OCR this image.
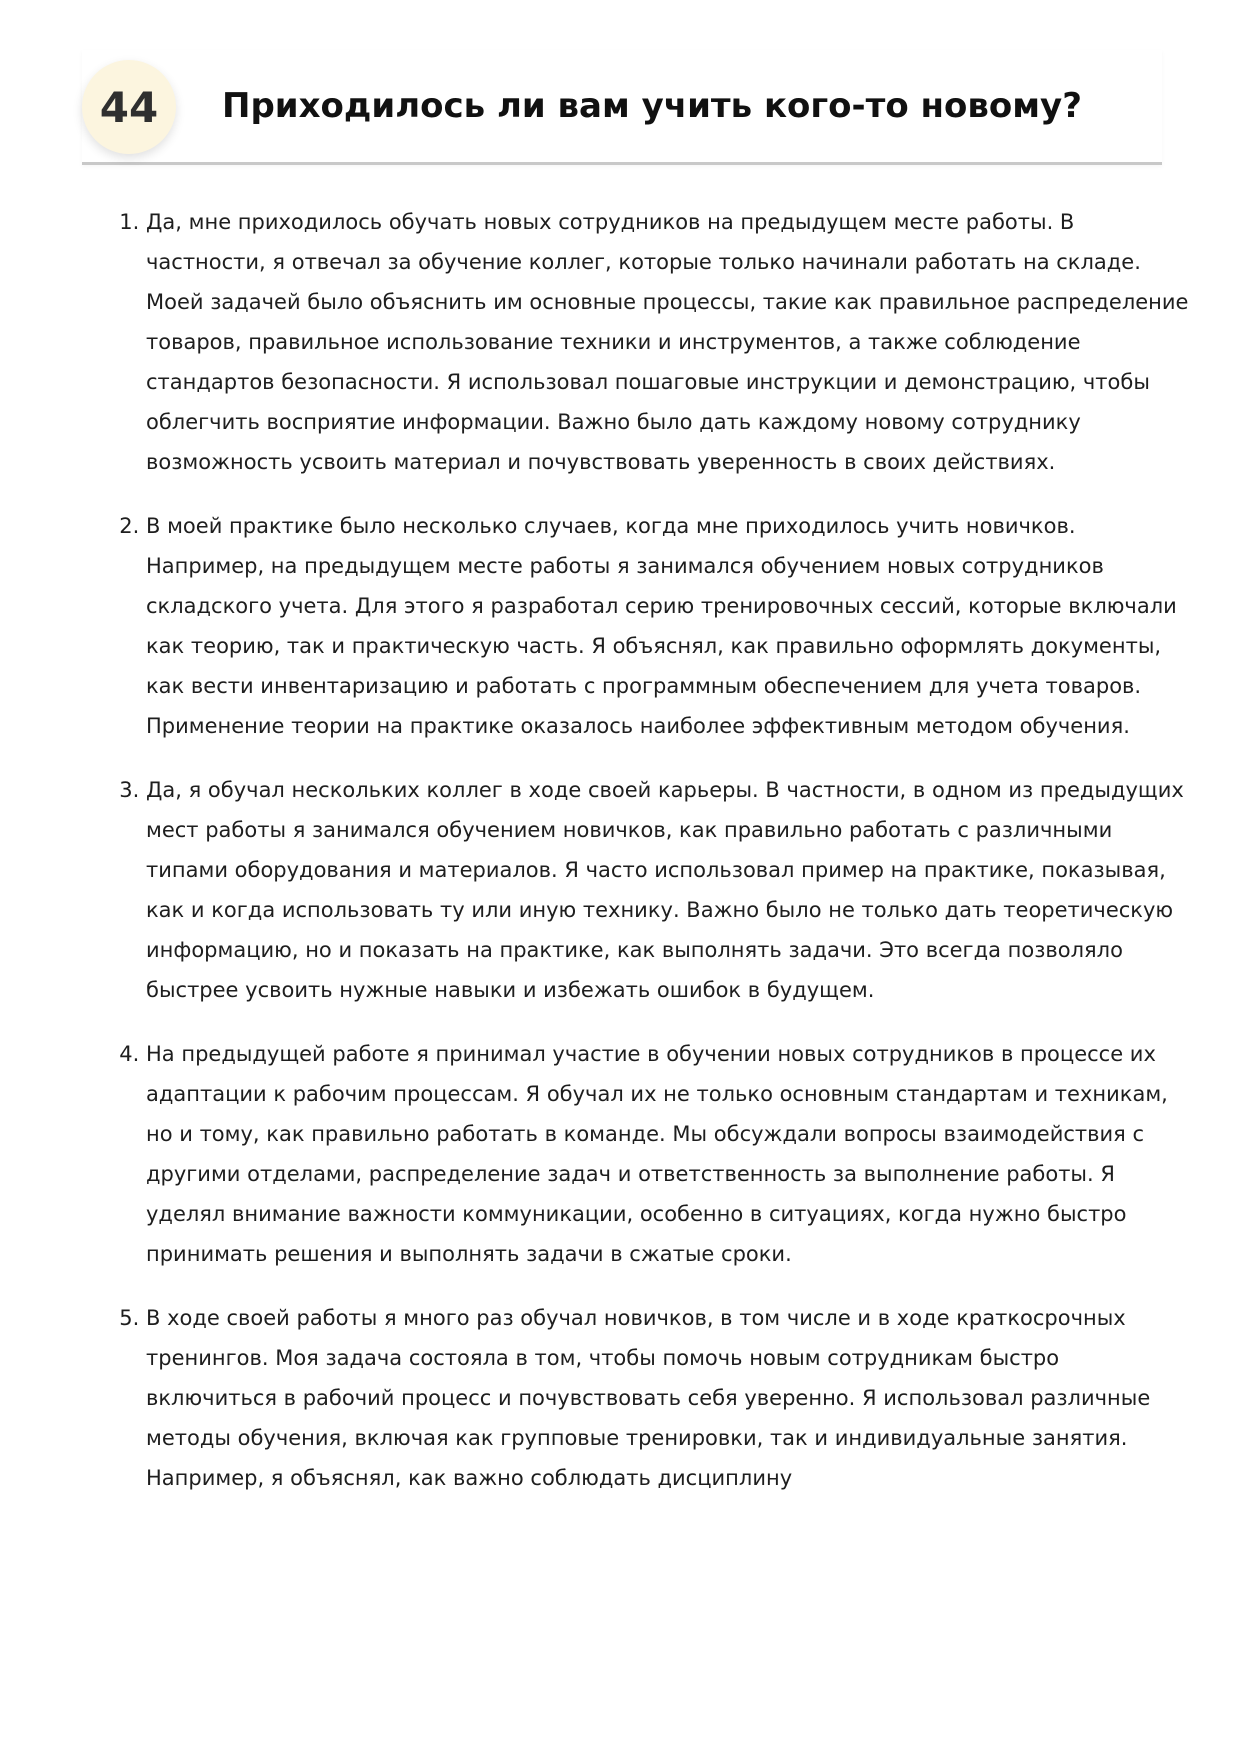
44	Приходилось ли вам учить кого-то новому?
1. Да, мне приходилось обучать новых сотрудников на предыдущем месте работы. В частности, я отвечал за обучение коллег, которые только начинали работать на складе. Моей задачей было объяснить им основные процессы, такие как правильное распределение товаров, правильное использование техники и инструментов, а также соблюдение стандартов безопасности. Я использовал пошаговые инструкции и демонстрацию, чтобы облегчить восприятие информации. Важно было дать каждому новому сотруднику возможность усвоить материал и почувствовать уверенность в своих действиях.
2. В моей практике было несколько случаев, когда мне приходилось учить новичков. Например, на предыдущем месте работы я занимался обучением новых сотрудников складского учета. Для этого я разработал серию тренировочных сессий, которые включали как теорию, так и практическую часть. Я объяснял, как правильно оформлять документы, как вести инвентаризацию и работать с программным обеспечением для учета товаров. Применение теории на практике оказалось наиболее эффективным методом обучения.
3. Да, я обучал нескольких коллег в ходе своей карьеры. В частности, в одном из предыдущих мест работы я занимался обучением новичков, как правильно работать с различными типами оборудования и материалов. Я часто использовал пример на практике, показывая, как и когда использовать ту или иную технику. Важно было не только дать теоретическую информацию, но и показать на практике, как выполнять задачи. Это всегда позволяло быстрее усвоить нужные навыки и избежать ошибок в будущем.
4. На предыдущей работе я принимал участие в обучении новых сотрудников в процессе их адаптации к рабочим процессам. Я обучал их не только основным стандартам и техникам, но и тому, как правильно работать в команде. Мы обсуждали вопросы взаимодействия с другими отделами, распределение задач и ответственность за выполнение работы. Я уделял внимание важности коммуникации, особенно в ситуациях, когда нужно быстро принимать решения и выполнять задачи в сжатые сроки.
5. В ходе своей работы я много раз обучал новичков, в том числе и в ходе краткосрочных тренингов. Моя задача состояла в том, чтобы помочь новым сотрудникам быстро включиться в рабочий процесс и почувствовать себя уверенно. Я использовал различные методы обучения, включая как групповые тренировки, так и индивидуальные занятия. Например, я объяснял, как важно соблюдать дисциплину
